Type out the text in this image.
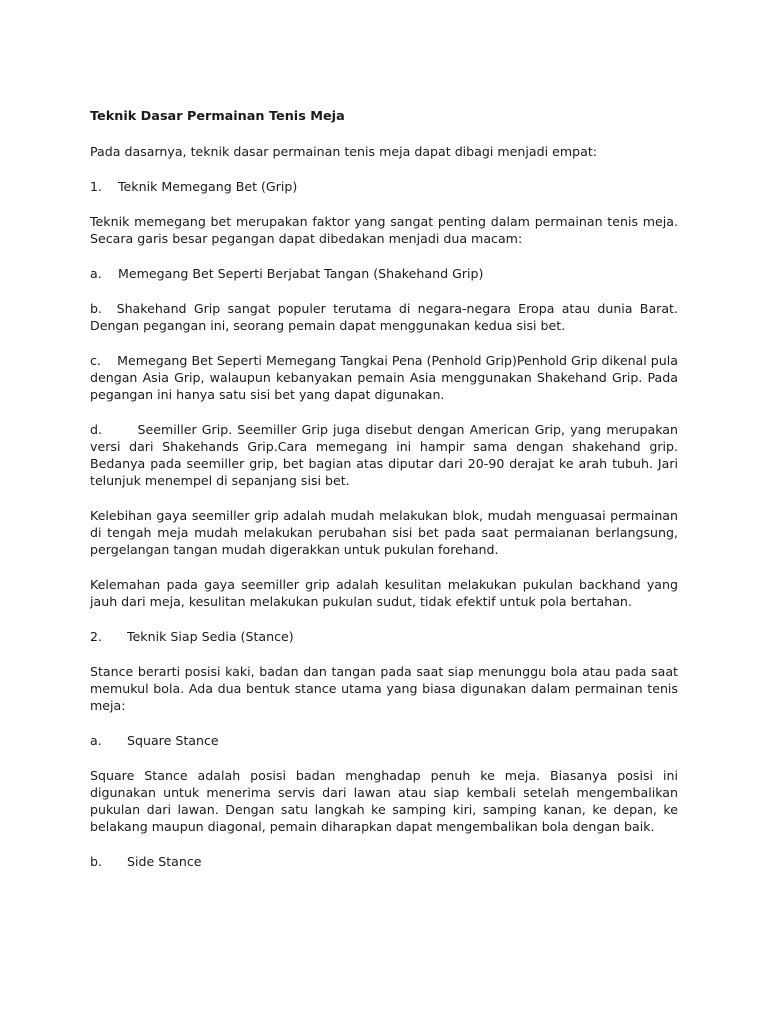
Teknik Dasar Permainan Tenis Meja

Pada dasarnya, teknik dasar permainan tenis meja dapat dibagi menjadi empat:

1. Teknik Memegang Bet (Grip)

Teknik memegang bet merupakan faktor yang sangat penting dalam permainan tenis meja. Secara garis besar pegangan dapat dibedakan menjadi dua macam:

a. Memegang Bet Seperti Berjabat Tangan (Shakehand Grip)

b. Shakehand Grip sangat populer terutama di negara-negara Eropa atau dunia Barat. Dengan pegangan ini, seorang pemain dapat menggunakan kedua sisi bet.

c. Memegang Bet Seperti Memegang Tangkai Pena (Penhold Grip)Penhold Grip dikenal pula dengan Asia Grip, walaupun kebanyakan pemain Asia menggunakan Shakehand Grip. Pada pegangan ini hanya satu sisi bet yang dapat digunakan.

d.	Seemiller Grip. Seemiller Grip juga disebut dengan American Grip, yang merupakan versi dari Shakehands Grip.Cara memegang ini hampir sama dengan shakehand grip. Bedanya pada seemiller grip, bet bagian atas diputar dari 20-90 derajat ke arah tubuh. Jari telunjuk menempel di sepanjang sisi bet.

Kelebihan gaya seemiller grip adalah mudah melakukan blok, mudah menguasai permainan di tengah meja mudah melakukan perubahan sisi bet pada saat permaianan berlangsung, pergelangan tangan mudah digerakkan untuk pukulan forehand.

Kelemahan pada gaya seemiller grip adalah kesulitan melakukan pukulan backhand yang jauh dari meja, kesulitan melakukan pukulan sudut, tidak efektif untuk pola bertahan.

2. Teknik Siap Sedia (Stance)

Stance berarti posisi kaki, badan dan tangan pada saat siap menunggu bola atau pada saat memukul bola. Ada dua bentuk stance utama yang biasa digunakan dalam permainan tenis meja:

a. Square Stance

Square Stance adalah posisi badan menghadap penuh ke meja. Biasanya posisi ini digunakan untuk menerima servis dari lawan atau siap kembali setelah mengembalikan pukulan dari lawan. Dengan satu langkah ke samping kiri, samping kanan, ke depan, ke belakang maupun diagonal, pemain diharapkan dapat mengembalikan bola dengan baik.

b. Side Stance
